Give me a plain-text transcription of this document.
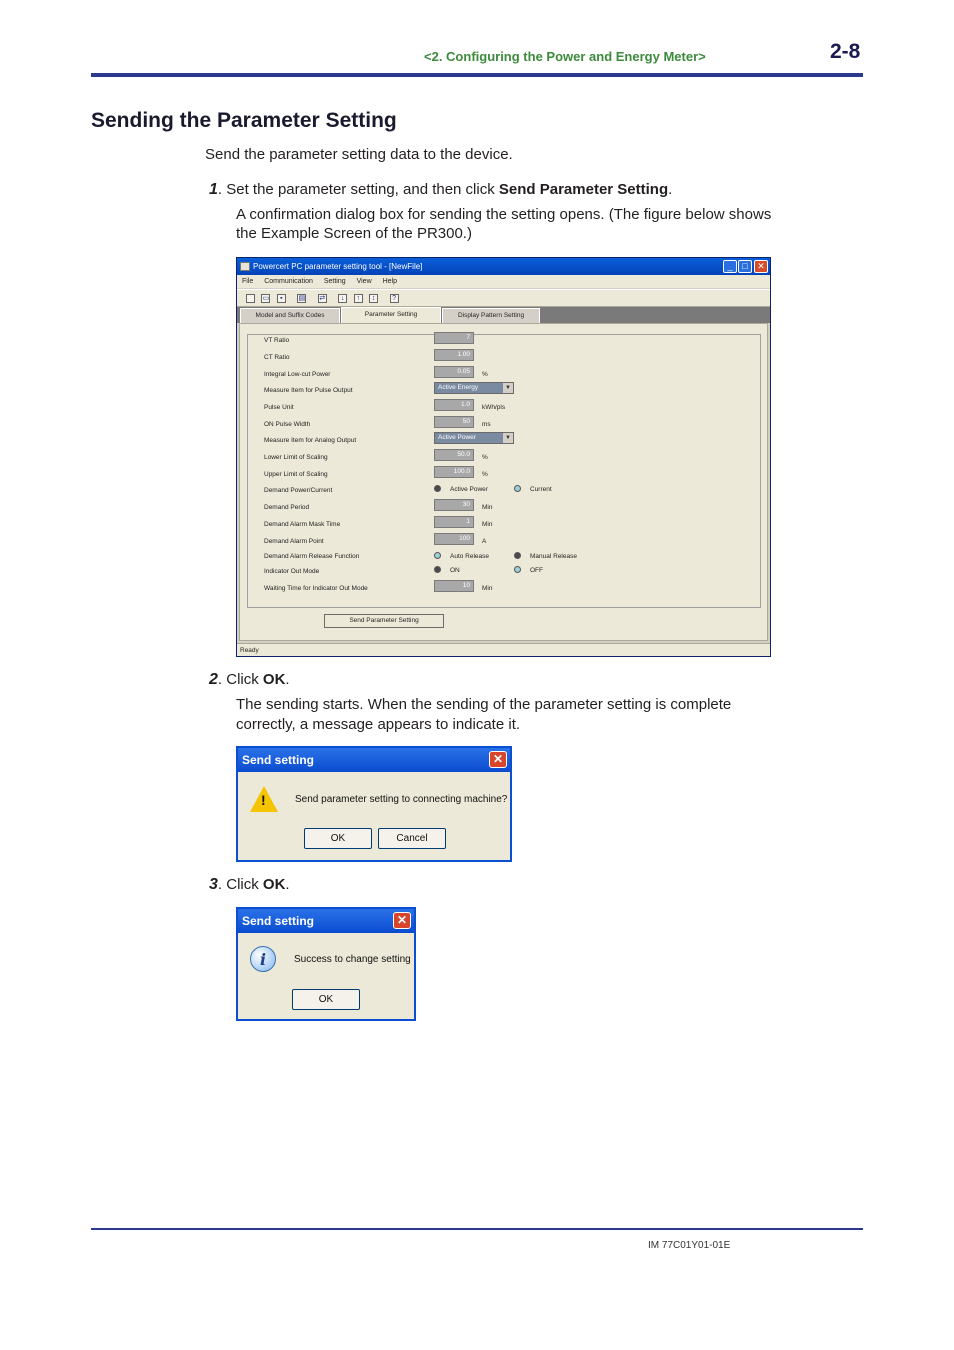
<2. Configuring the Power and Energy Meter>	2-8
Sending the Parameter Setting
Send the parameter setting data to the device.
1. Set the parameter setting, and then click Send Parameter Setting.
A confirmation dialog box for sending the setting opens. (The figure below shows
the Example Screen of the PR300.)
Powercert PC parameter setting tool - [NewFile]	_	□	✕
File Communication Setting View Help
▭ ▪ ▤ ⇄ ↓ ↑ ↕ ?
Model and Suffix Codes	Parameter Setting	Display Pattern Setting
VT Ratio	7
CT Ratio	1.00
Integral Low-cut Power	0.05	%
Measure Item for Pulse Output	Active Energy	▼
Pulse Unit	1.0	kWh/pls
ON Pulse Width	50	ms
Measure Item for Analog Output	Active Power	▼
Lower Limit of Scaling	50.0	%
Upper Limit of Scaling	100.0	%
Demand Power/Current	Active Power	Current
Demand Period	30	Min
Demand Alarm Mask Time	1	Min
Demand Alarm Point	100	A
Demand Alarm Release Function	Auto Release	Manual Release
Indicator Out Mode	ON	OFF
Waiting Time for Indicator Out Mode	10	Min
Send Parameter Setting
Ready
2. Click OK.
The sending starts. When the sending of the parameter setting is complete
correctly, a message appears to indicate it.
Send setting	✕
!	Send parameter setting to connecting machine?
OK	Cancel
3. Click OK.
Send setting	✕
i	Success to change setting
OK
IM 77C01Y01-01E
